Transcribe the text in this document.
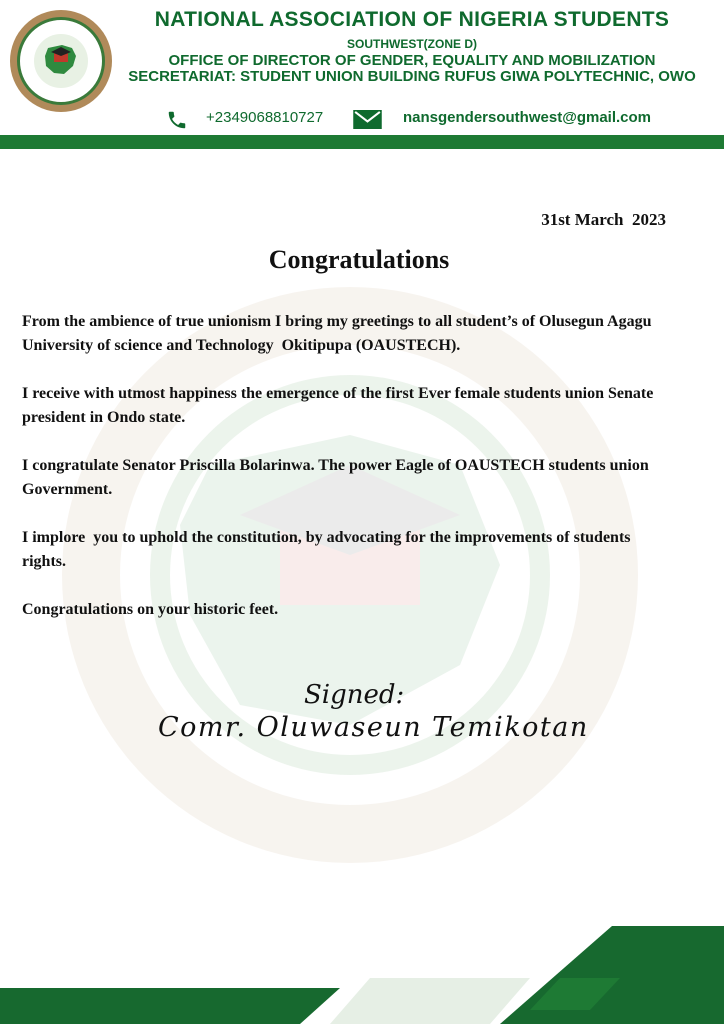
NATIONAL ASSOCIATION OF NIGERIA STUDENTS
SOUTHWEST(ZONE D)
OFFICE OF DIRECTOR OF GENDER, EQUALITY AND MOBILIZATION
SECRETARIAT: STUDENT UNION BUILDING RUFUS GIWA POLYTECHNIC, OWO
+2349068810727	nansgendersouthwest@gmail.com
31st March  2023
Congratulations
From the ambience of true unionism I bring my greetings to all student’s of Olusegun Agagu
University of science and Technology  Okitipupa (OAUSTECH).
I receive with utmost happiness the emergence of the first Ever female students union Senate
president in Ondo state.
I congratulate Senator Priscilla Bolarinwa. The power Eagle of OAUSTECH students union
Government.
I implore  you to uphold the constitution, by advocating for the improvements of students
rights.
Congratulations on your historic feet.
Signed:
Comr. Oluwaseun Temikotan
